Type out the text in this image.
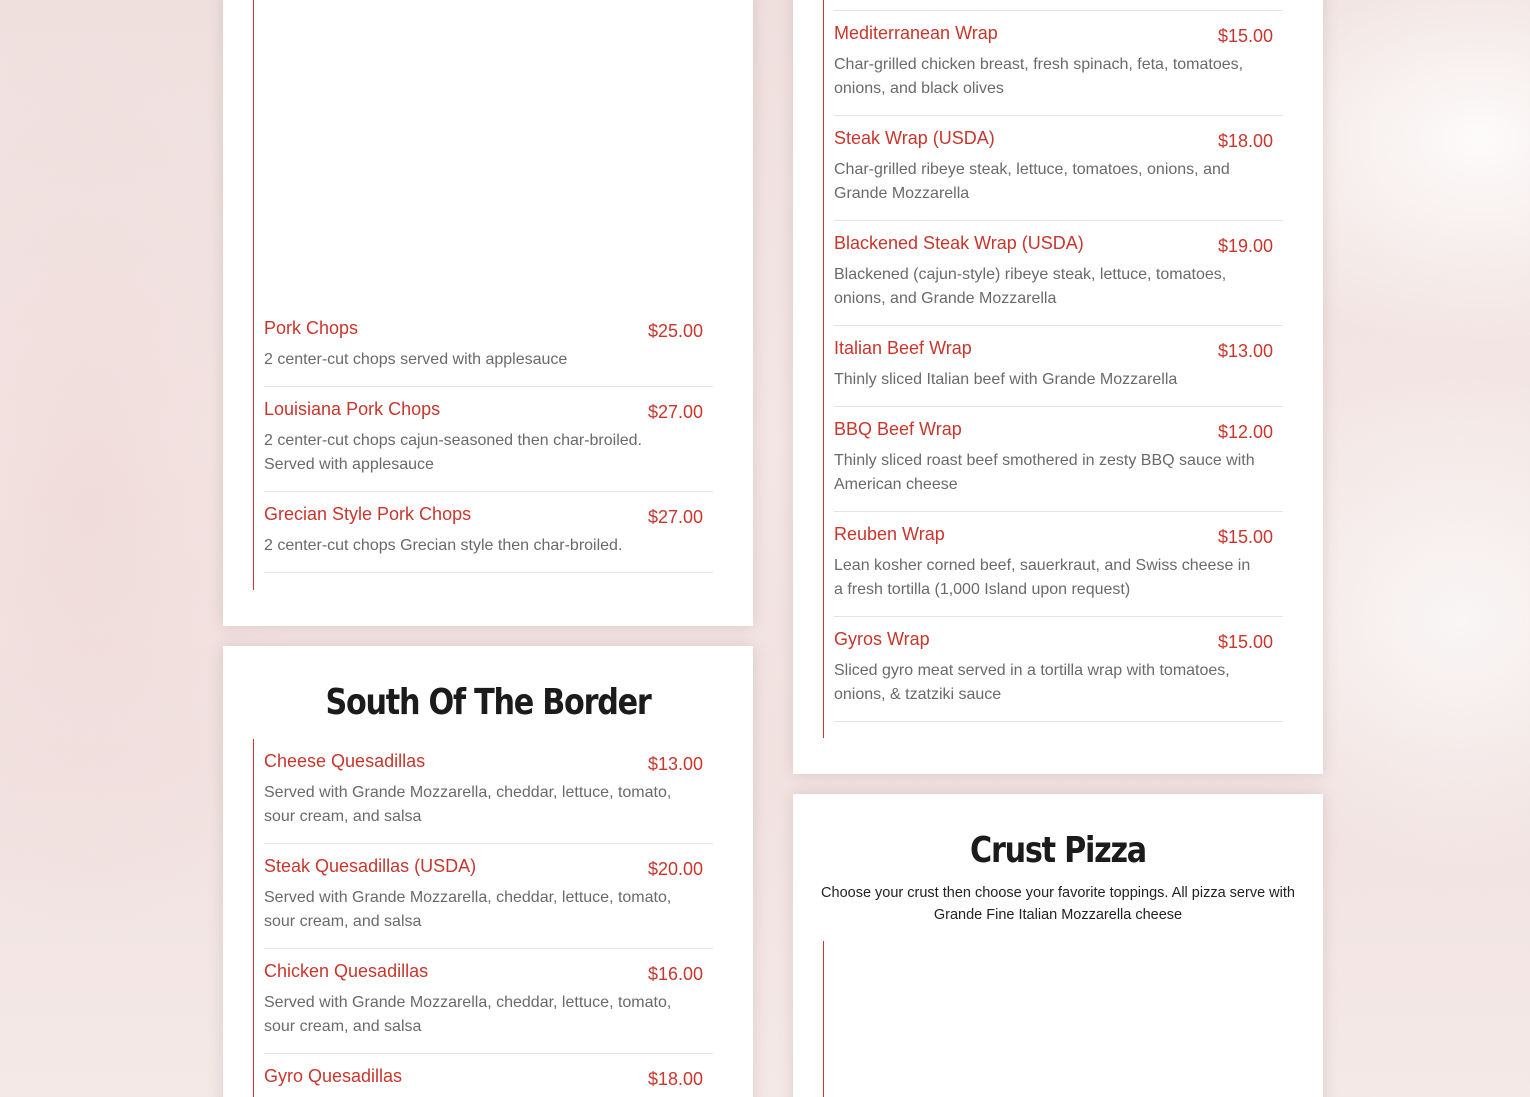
Pork Chops	$25.00

2 center-cut chops served with applesauce

Louisiana Pork Chops	$27.00

2 center-cut chops cajun-seasoned then char-broiled. Served with applesauce

Grecian Style Pork Chops	$27.00

2 center-cut chops Grecian style then char-broiled.

South Of The Border
Cheese Quesadillas	$13.00

Served with Grande Mozzarella, cheddar, lettuce, tomato, sour cream, and salsa

Steak Quesadillas (USDA)	$20.00

Served with Grande Mozzarella, cheddar, lettuce, tomato, sour cream, and salsa

Chicken Quesadillas	$16.00

Served with Grande Mozzarella, cheddar, lettuce, tomato, sour cream, and salsa

Gyro Quesadillas	$18.00
Mediterranean Wrap	$15.00

Char-grilled chicken breast, fresh spinach, feta, tomatoes, onions, and black olives

Steak Wrap (USDA)	$18.00

Char-grilled ribeye steak, lettuce, tomatoes, onions, and Grande Mozzarella

Blackened Steak Wrap (USDA)	$19.00

Blackened (cajun-style) ribeye steak, lettuce, tomatoes, onions, and Grande Mozzarella

Italian Beef Wrap	$13.00

Thinly sliced Italian beef with Grande Mozzarella

BBQ Beef Wrap	$12.00

Thinly sliced roast beef smothered in zesty BBQ sauce with American cheese

Reuben Wrap	$15.00

Lean kosher corned beef, sauerkraut, and Swiss cheese in a fresh tortilla (1,000 Island upon request)

Gyros Wrap	$15.00

Sliced gyro meat served in a tortilla wrap with tomatoes, onions, & tzatziki sauce

Crust Pizza

Choose your crust then choose your favorite toppings. All pizza serve with Grande Fine Italian Mozzarella cheese
